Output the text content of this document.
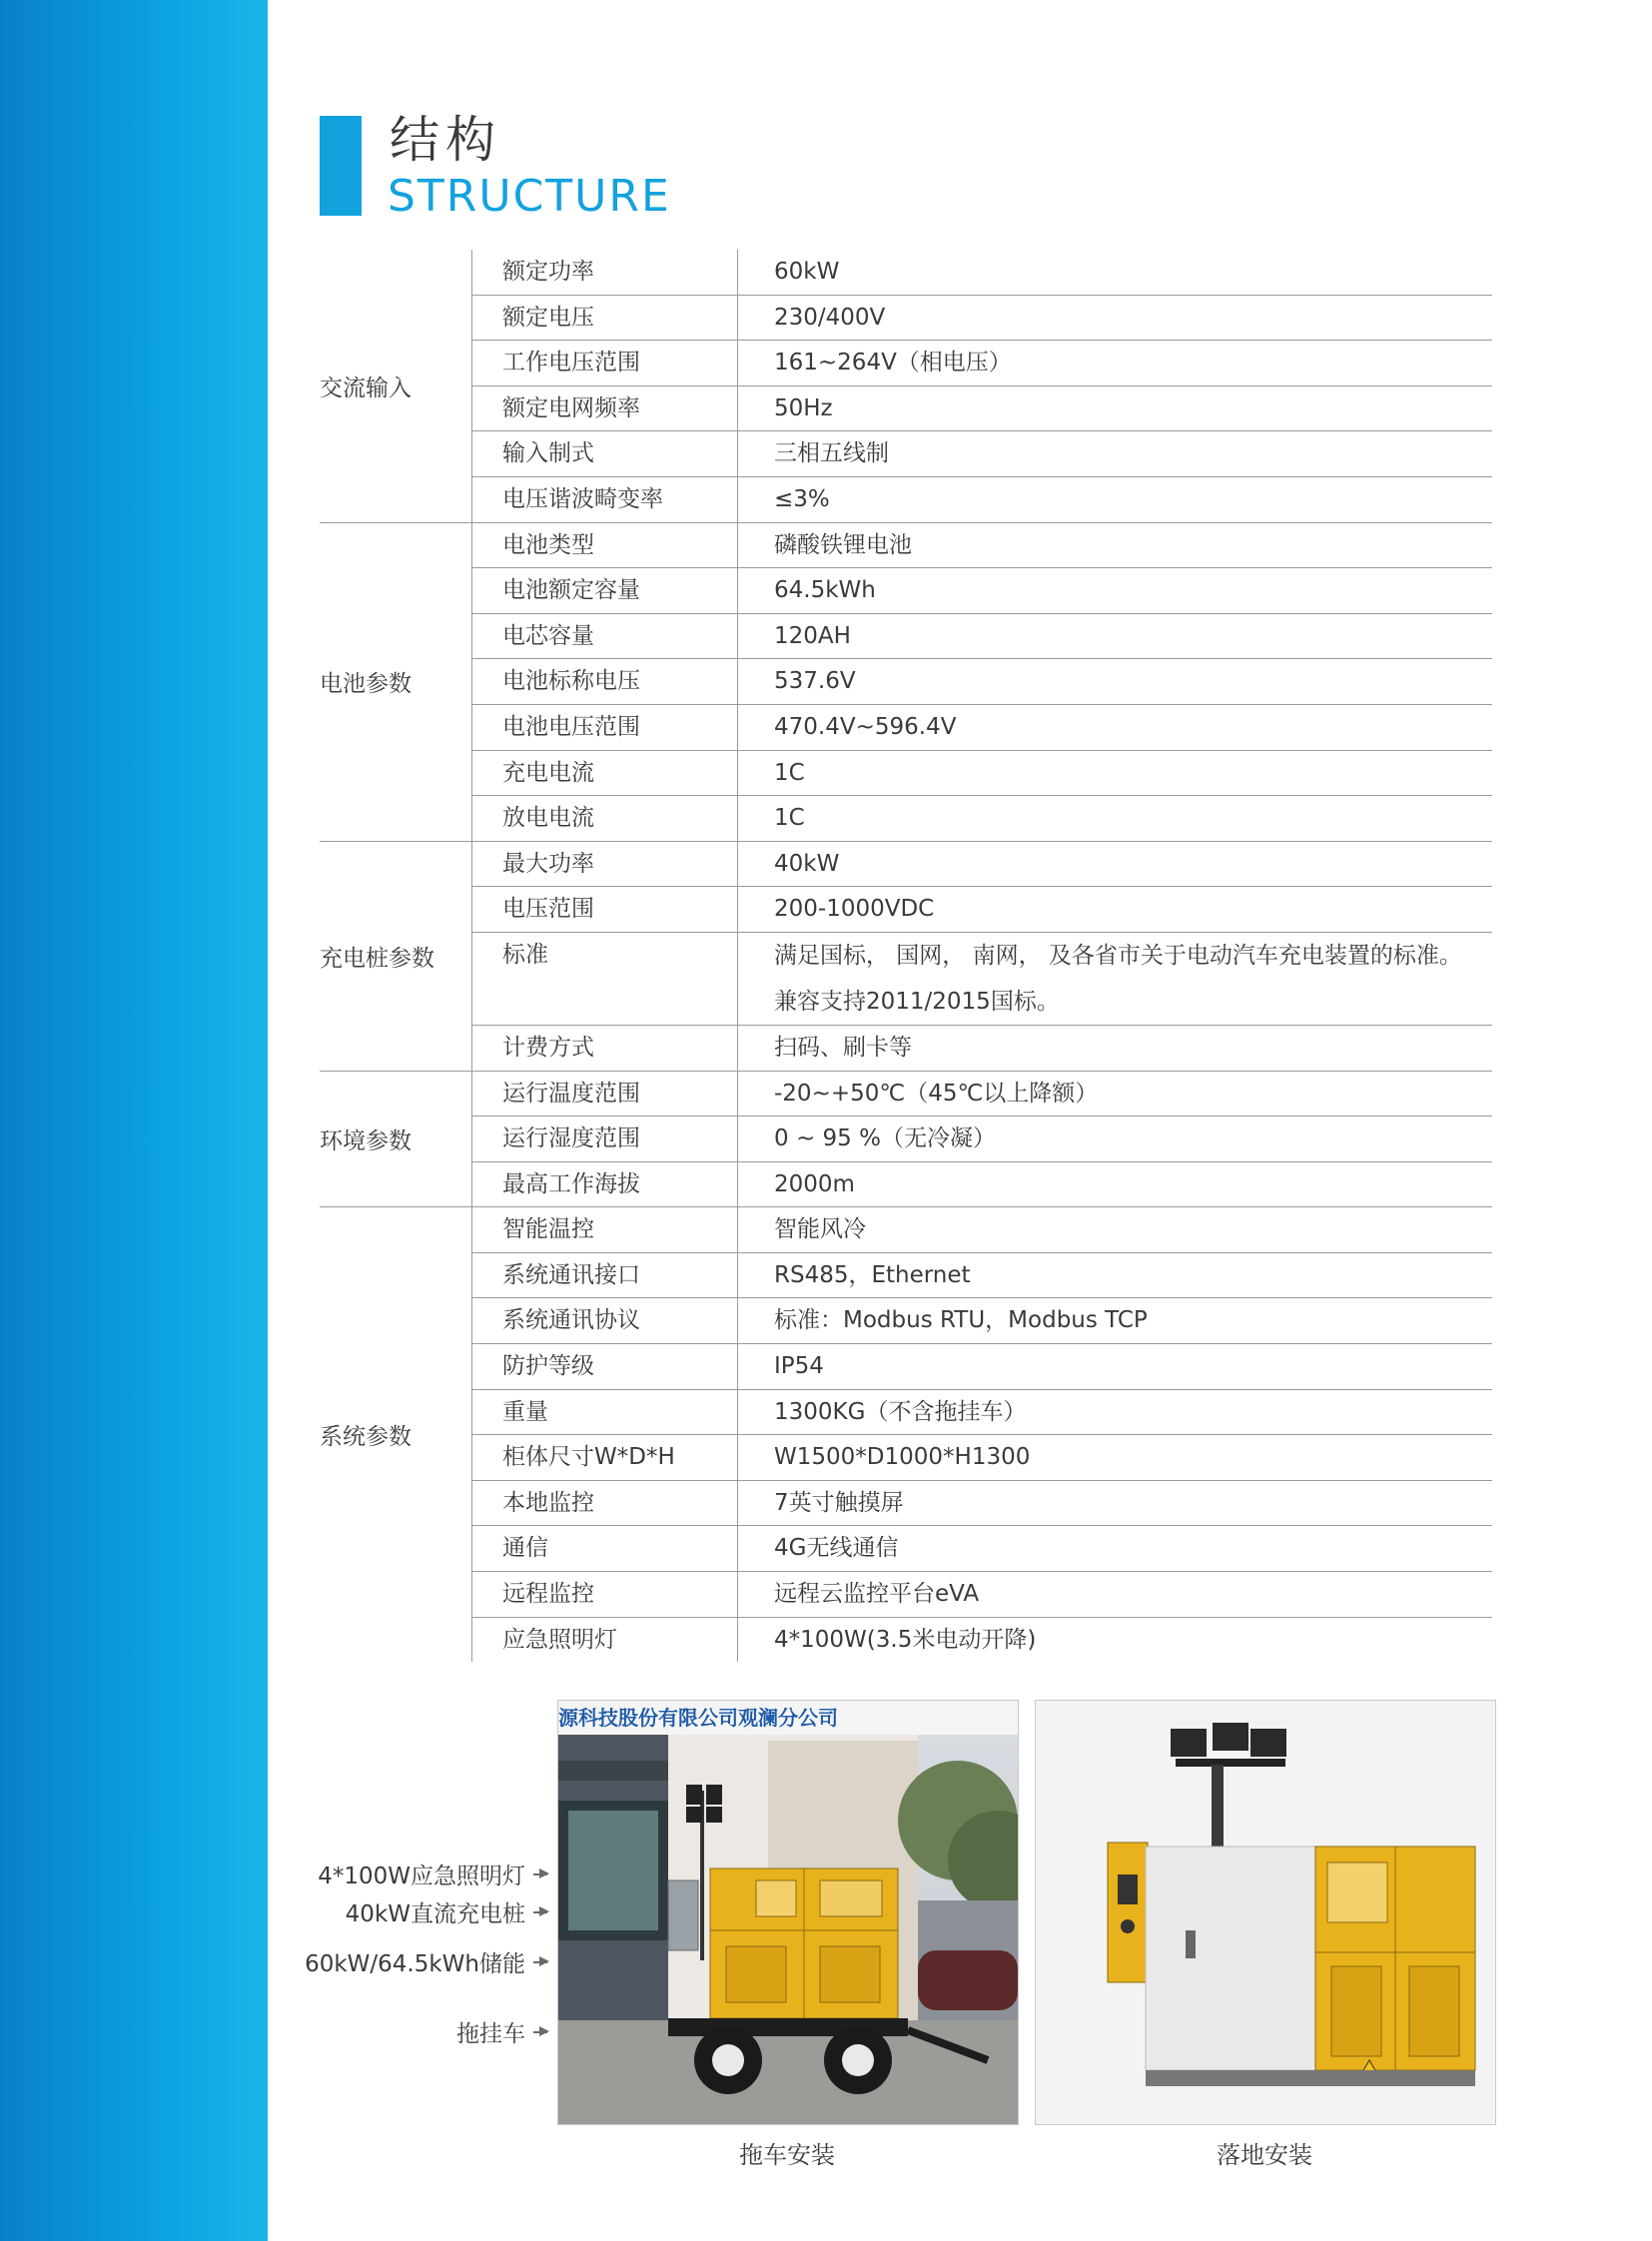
结构
STRUCTURE
交流输入
额定功率	60kW
额定电压	230/400V
工作电压范围	161~264V（相电压）
额定电网频率	50Hz
输入制式	三相五线制
电压谐波畸变率	≤3%
电池参数
电池类型	磷酸铁锂电池
电池额定容量	64.5kWh
电芯容量	120AH
电池标称电压	537.6V
电池电压范围	470.4V~596.4V
充电电流	1C
放电电流	1C
充电桩参数
最大功率	40kW
电压范围	200-1000VDC
标准	满足国标， 国网， 南网， 及各省市关于电动汽车充电装置的标准。
兼容支持2011/2015国标。
计费方式	扫码、刷卡等
环境参数
运行温度范围	-20~+50℃（45℃以上降额）
运行湿度范围	0 ~ 95 %（无冷凝）
最高工作海拔	2000m
系统参数
智能温控	智能风冷
系统通讯接口	RS485，Ethernet
系统通讯协议	标准：Modbus RTU，Modbus TCP
防护等级	IP54
重量	1300KG（不含拖挂车）
柜体尺寸W*D*H	W1500*D1000*H1300
本地监控	7英寸触摸屏
通信	4G无线通信
远程监控	远程云监控平台eVA
应急照明灯	4*100W(3.5米电动开降)
源科技股份有限公司观澜分公司
拖车安装	落地安装
4*100W应急照明灯
40kW直流充电桩
60kW/64.5kWh储能
拖挂车
